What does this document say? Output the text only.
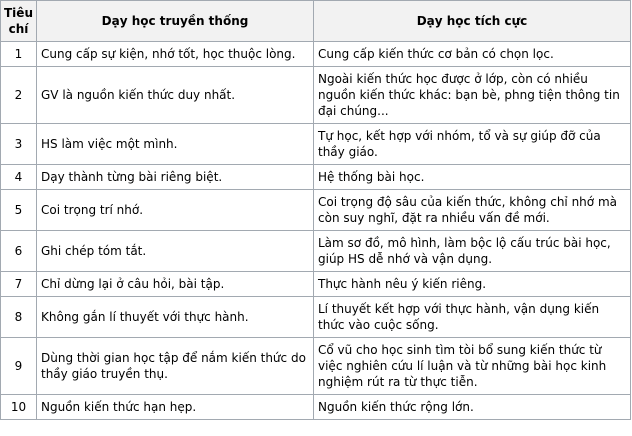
Tiêu chí	Dạy học truyền thống	Dạy học tích cực
1	Cung cấp sự kiện, nhớ tốt, học thuộc lòng.	Cung cấp kiến thức cơ bản có chọn lọc.
2	GV là nguồn kiến thức duy nhất.	Ngoài kiến thức học được ở lớp, còn có nhiều nguồn kiến thức khác: bạn bè, phng tiện thông tin đại chúng...
3	HS làm việc một mình.	Tự học, kết hợp với nhóm, tổ và sự giúp đỡ của thầy giáo.
4	Dạy thành từng bài riêng biệt.	Hệ thống bài học.
5	Coi trọng trí nhớ.	Coi trọng độ sâu của kiến thức, không chỉ nhớ mà còn suy nghĩ, đặt ra nhiều vấn đề mới.
6	Ghi chép tóm tắt.	Làm sơ đồ, mô hình, làm bộc lộ cấu trúc bài học, giúp HS dễ nhớ và vận dụng.
7	Chỉ dừng lại ở câu hỏi, bài tập.	Thực hành nêu ý kiến riêng.
8	Không gắn lí thuyết với thực hành.	Lí thuyết kết hợp với thực hành, vận dụng kiến thức vào cuộc sống.
9	Dùng thời gian học tập để nắm kiến thức do thầy giáo truyền thụ.	Cổ vũ cho học sinh tìm tòi bổ sung kiến thức từ việc nghiên cứu lí luận và từ những bài học kinh nghiệm rút ra từ thực tiễn.
10	Nguồn kiến thức hạn hẹp.	Nguồn kiến thức rộng lớn.
